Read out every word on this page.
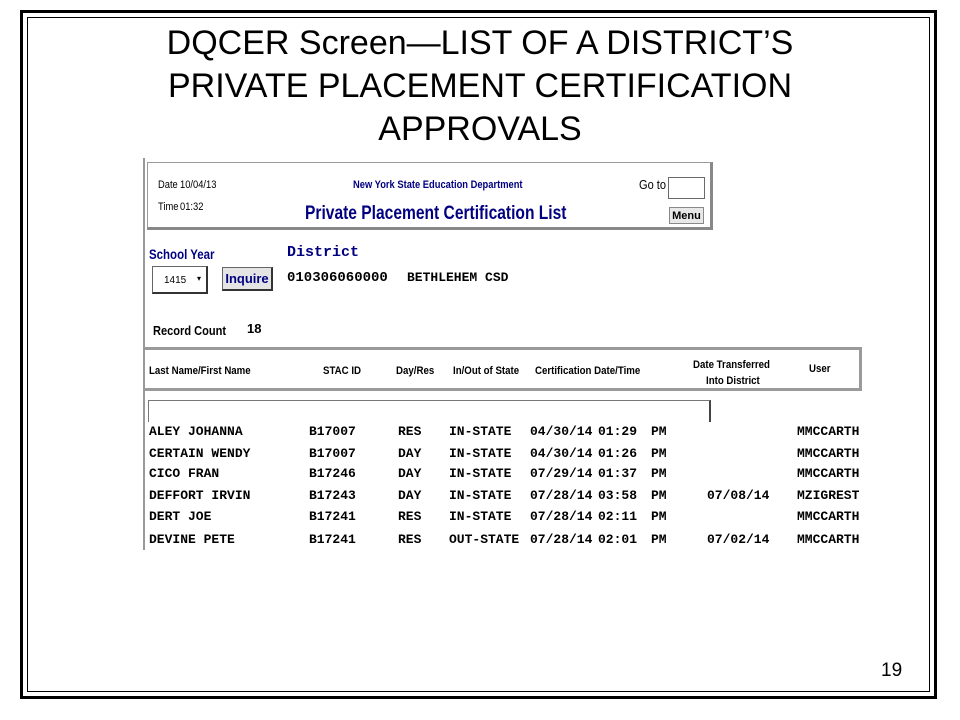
DQCER Screen—LIST OF A DISTRICT’S
PRIVATE PLACEMENT CERTIFICATION
APPROVALS
Date 10/04/13
Time 01:32
New York State Education Department
Private Placement Certification List
Go to
Menu
School Year
1415 ▾ Inquire
District
010306060000 BETHLEHEM CSD
Record Count 18
Last Name/First Name	STAC ID	Day/Res In/Out of State Certification Date/Time	Date Transferred
Into District
User
ALEY JOHANNA	B17007	RES IN-STATE 04/30/14 01:29 PM	MMCCARTH
CERTAIN WENDY	B17007	DAY IN-STATE 04/30/14 01:26 PM	MMCCARTH
CICO FRAN	B17246	DAY IN-STATE 07/29/14 01:37 PM	MMCCARTH
DEFFORT IRVIN	B17243	DAY IN-STATE 07/28/14 03:58 PM	07/08/14 MZIGREST
DERT JOE	B17241	RES IN-STATE 07/28/14 02:11 PM	MMCCARTH
DEVINE PETE	B17241	RES OUT-STATE 07/28/14 02:01 PM	07/02/14 MMCCARTH
19
